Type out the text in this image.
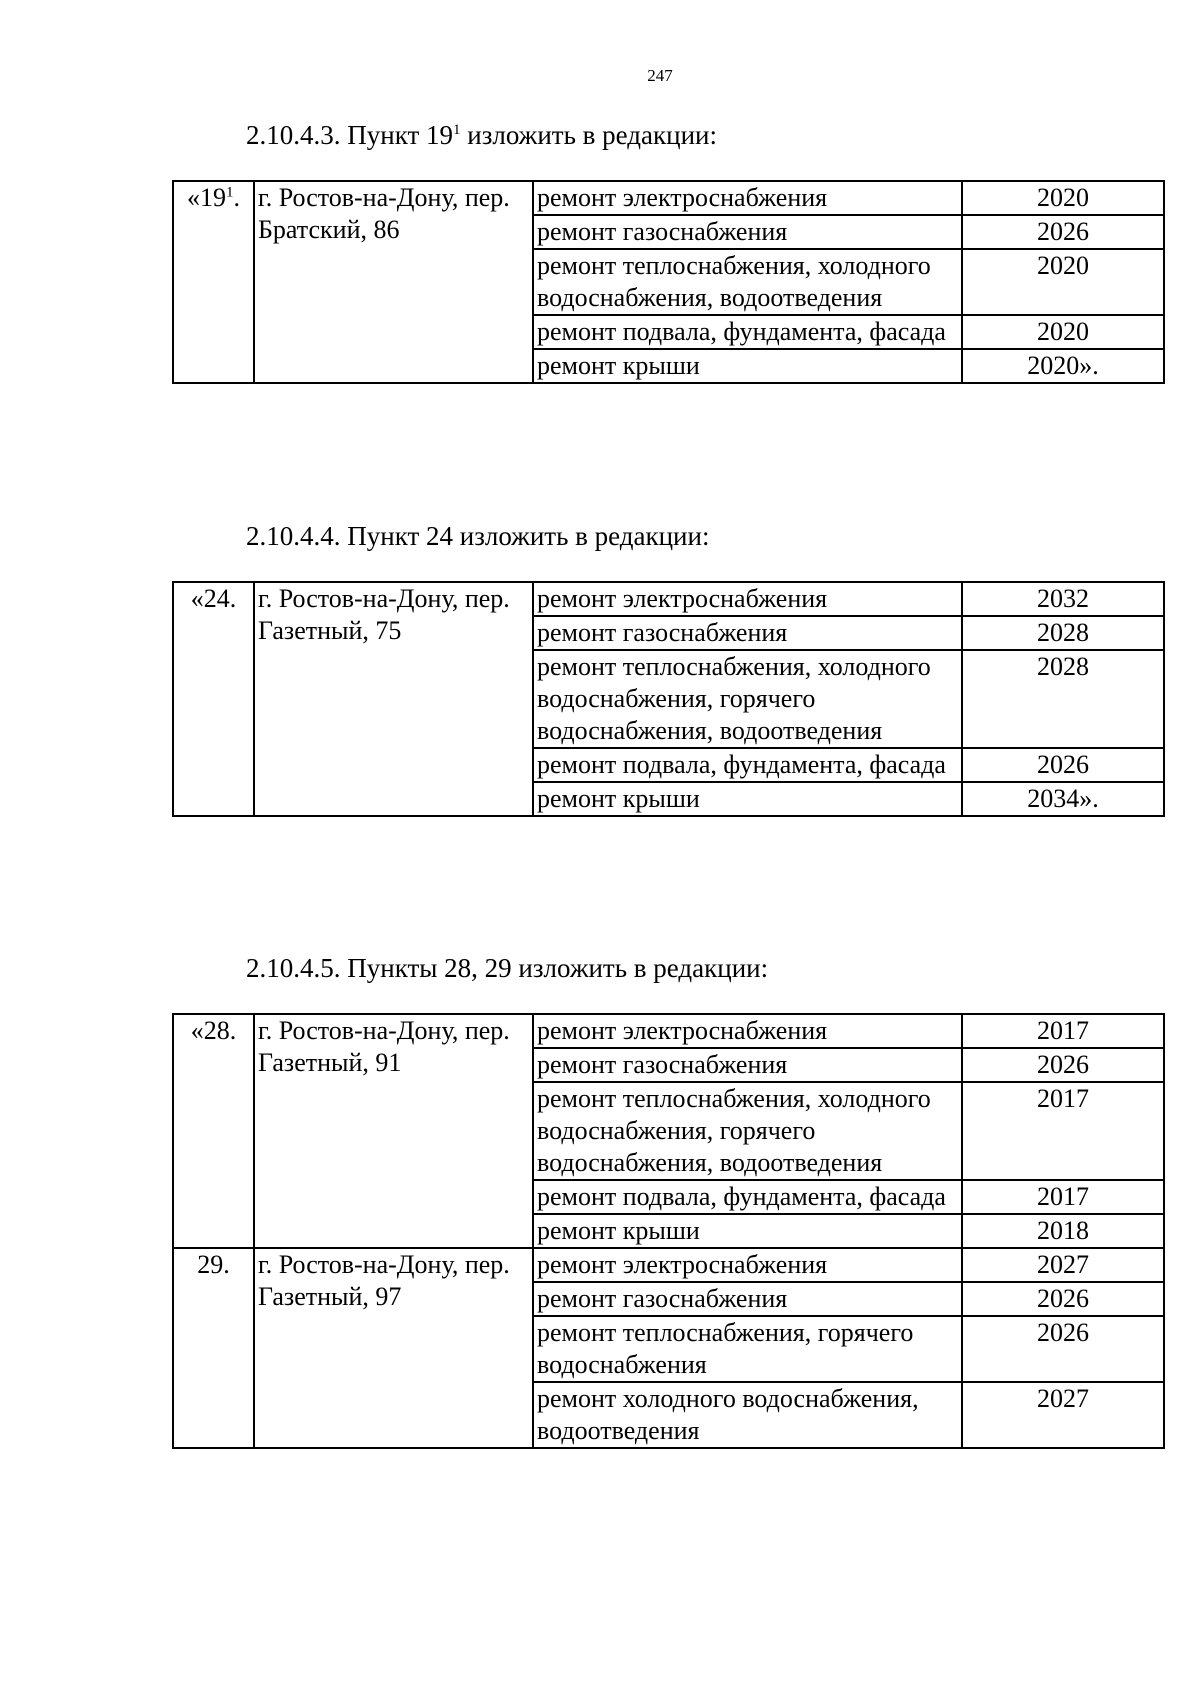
247
2.10.4.3. Пункт $19^1$ изложить в редакции:
«$19^1$.	г. Ростов-на-Дону, пер. Братский, 86	ремонт электроснабжения	2020
		ремонт газоснабжения	2026
		ремонт теплоснабжения, холодного водоснабжения, водоотведения	2020
		ремонт подвала, фундамента, фасада	2020
		ремонт крыши	2020».
2.10.4.4. Пункт 24 изложить в редакции:
«24.	г. Ростов-на-Дону, пер. Газетный, 75	ремонт электроснабжения	2032
		ремонт газоснабжения	2028
		ремонт теплоснабжения, холодного водоснабжения, горячего водоснабжения, водоотведения	2028
		ремонт подвала, фундамента, фасада	2026
		ремонт крыши	2034».
2.10.4.5. Пункты 28, 29 изложить в редакции:
«28.	г. Ростов-на-Дону, пер. Газетный, 91	ремонт электроснабжения	2017
		ремонт газоснабжения	2026
		ремонт теплоснабжения, холодного водоснабжения, горячего водоснабжения, водоотведения	2017
		ремонт подвала, фундамента, фасада	2017
		ремонт крыши	2018
29.	г. Ростов-на-Дону, пер. Газетный, 97	ремонт электроснабжения	2027
		ремонт газоснабжения	2026
		ремонт теплоснабжения, горячего водоснабжения	2026
		ремонт холодного водоснабжения, водоотведения	2027
